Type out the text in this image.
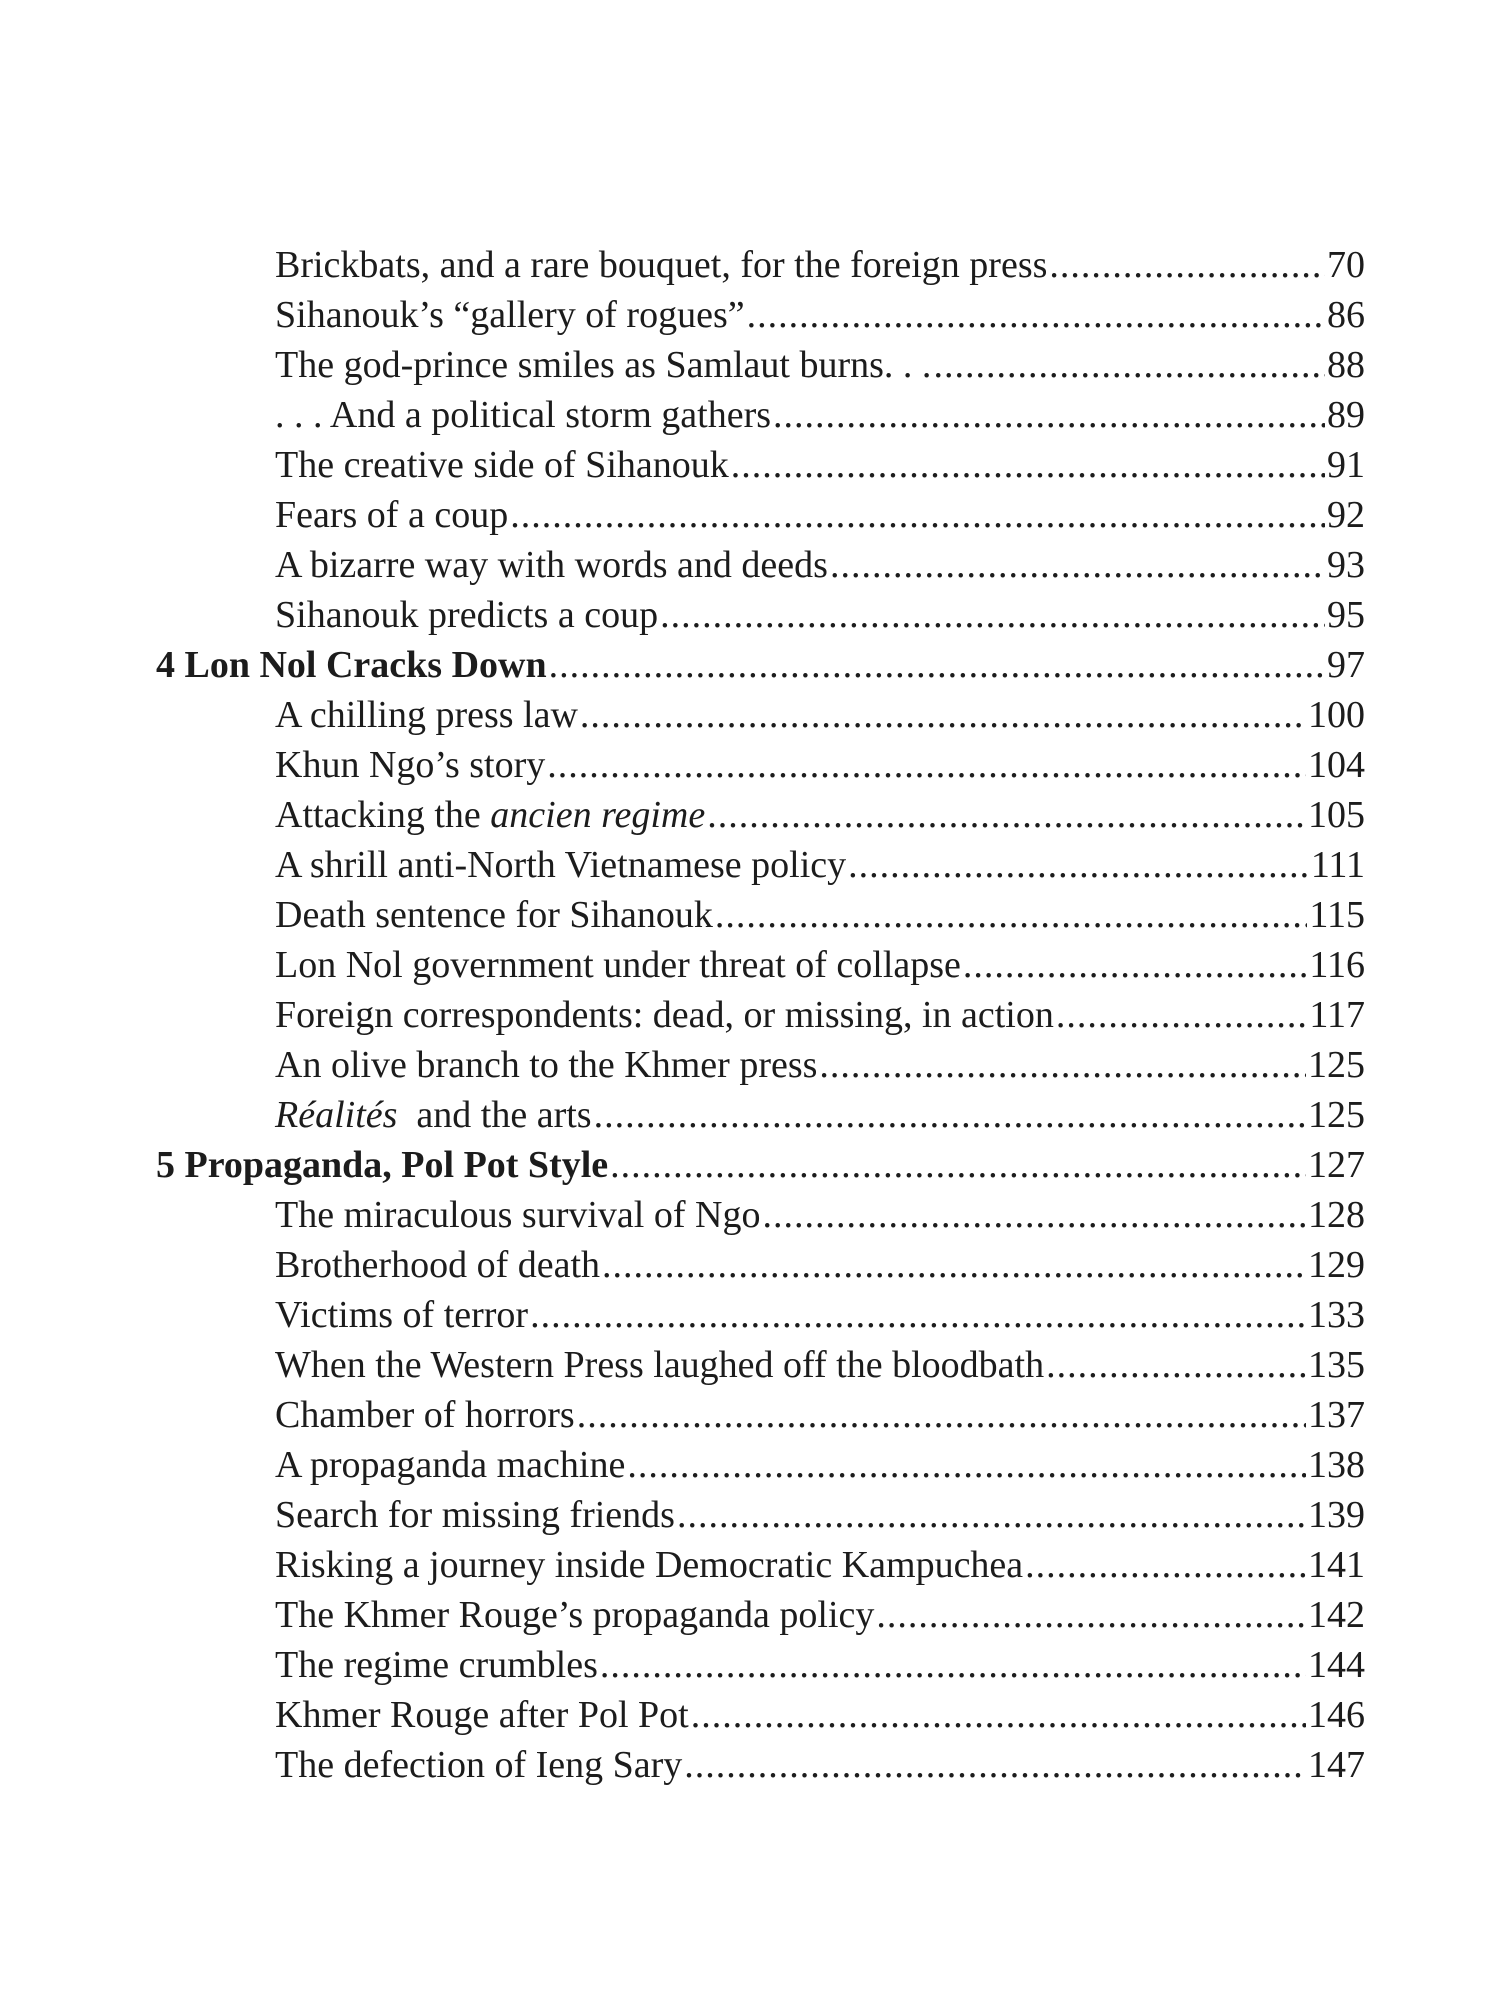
Brickbats, and a rare bouquet, for the foreign press .....	70
Sihanouk’s “gallery of rogues” .....	86
The god-prince smiles as Samlaut burns. . . .....	88
. . . And a political storm gathers .....	89
The creative side of Sihanouk .....	91
Fears of a coup .....	92
A bizarre way with words and deeds .....	93
Sihanouk predicts a coup .....	95
4 Lon Nol Cracks Down .....	97
A chilling press law .....	100
Khun Ngo’s story .....	104
Attacking the ancien regime .....	105
A shrill anti-North Vietnamese policy .....	111
Death sentence for Sihanouk .....	115
Lon Nol government under threat of collapse .....	116
Foreign correspondents: dead, or missing, in action .....	117
An olive branch to the Khmer press .....	125
Réalités  and the arts .....	125
5 Propaganda, Pol Pot Style .....	127
The miraculous survival of Ngo .....	128
Brotherhood of death .....	129
Victims of terror .....	133
When the Western Press laughed off the bloodbath .....	135
Chamber of horrors .....	137
A propaganda machine .....	138
Search for missing friends .....	139
Risking a journey inside Democratic Kampuchea .....	141
The Khmer Rouge’s propaganda policy .....	142
The regime crumbles .....	144
Khmer Rouge after Pol Pot .....	146
The defection of Ieng Sary .....	147
